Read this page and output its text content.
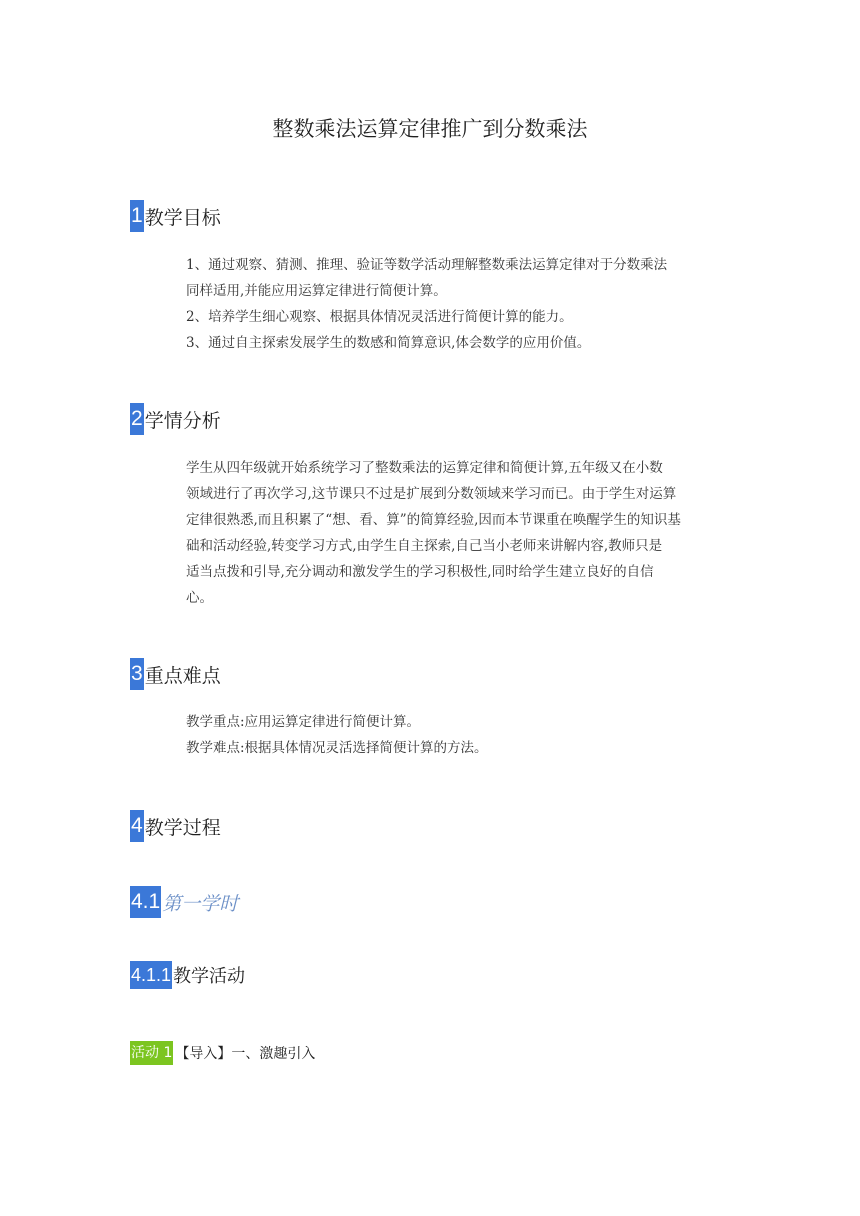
整数乘法运算定律推广到分数乘法
1 教学目标

1、通过观察、猜测、推理、验证等数学活动理解整数乘法运算定律对于分数乘法

同样适用,并能应用运算定律进行简便计算。

2、培养学生细心观察、根据具体情况灵活进行简便计算的能力。

3、通过自主探索发展学生的数感和简算意识,体会数学的应用价值。

2 学情分析

学生从四年级就开始系统学习了整数乘法的运算定律和简便计算,五年级又在小数

领域进行了再次学习,这节课只不过是扩展到分数领域来学习而已。由于学生对运算

定律很熟悉,而且积累了“想、看、算”的简算经验,因而本节课重在唤醒学生的知识基

础和活动经验,转变学习方式,由学生自主探索,自己当小老师来讲解内容,教师只是

适当点拨和引导,充分调动和激发学生的学习积极性,同时给学生建立良好的自信

心。

3 重点难点

教学重点:应用运算定律进行简便计算。

教学难点:根据具体情况灵活选择简便计算的方法。

4 教学过程
4.1 第一学时
4.1.1 教学活动
活动 1 【导入】一、激趣引入
